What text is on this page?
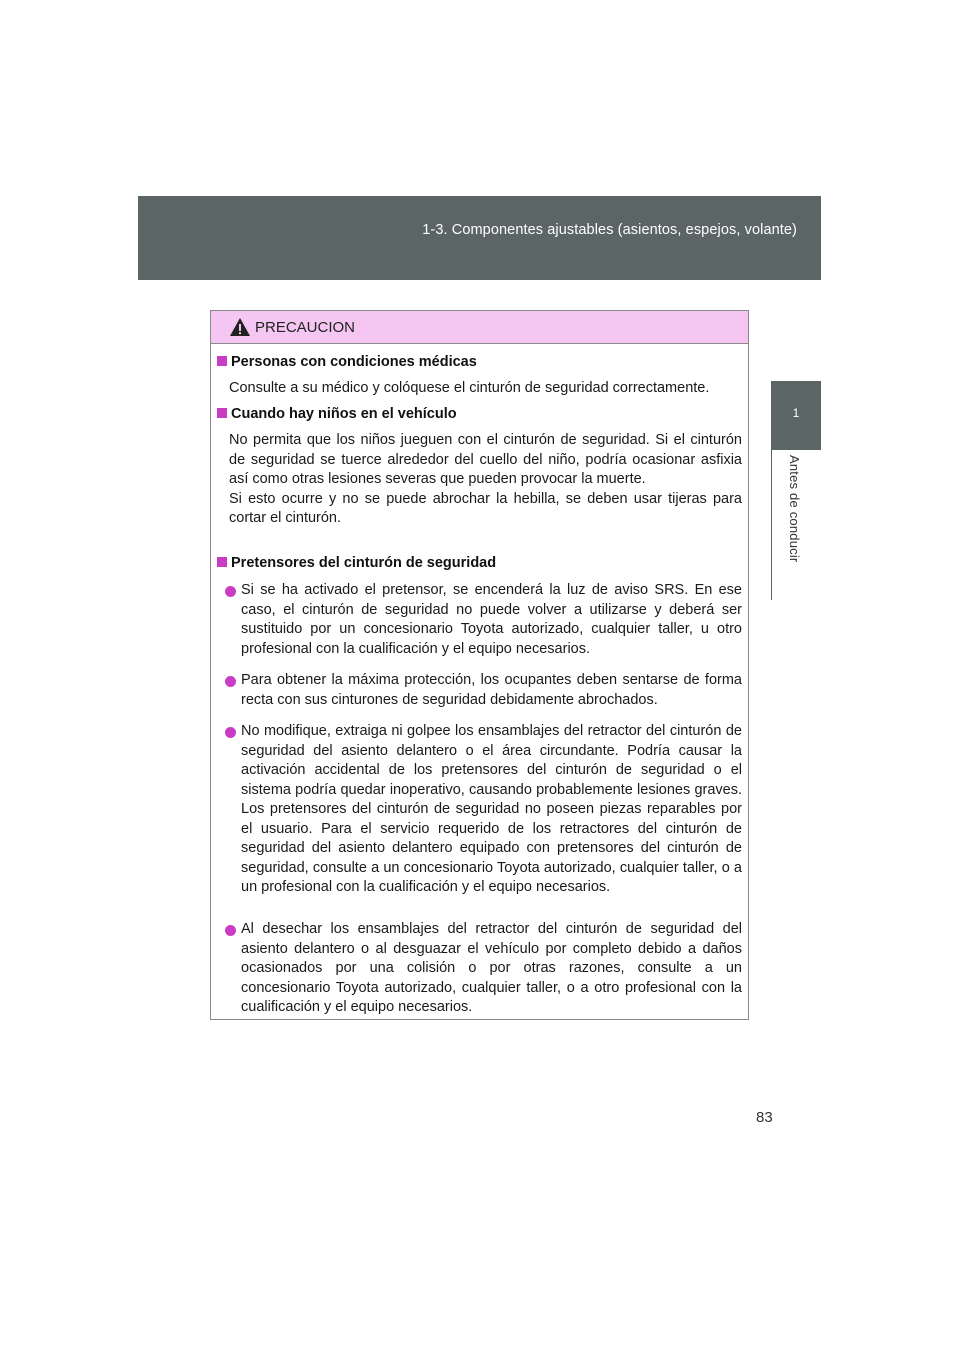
1-3. Componentes ajustables (asientos, espejos, volante)
1
Antes de conducir
PRECAUCION
Personas con condiciones médicas
Consulte a su médico y colóquese el cinturón de seguridad correctamente.
Cuando hay niños en el vehículo
No permita que los niños jueguen con el cinturón de seguridad. Si el cinturón de seguridad se tuerce alrededor del cuello del niño, podría ocasionar asfixia así como otras lesiones severas que pueden provocar la muerte.
Si esto ocurre y no se puede abrochar la hebilla, se deben usar tijeras para cortar el cinturón.
Pretensores del cinturón de seguridad
Si se ha activado el pretensor, se encenderá la luz de aviso SRS. En ese caso, el cinturón de seguridad no puede volver a utilizarse y deberá ser sustituido por un concesionario Toyota autorizado, cualquier taller, u otro profesional con la cualificación y el equipo necesarios.
Para obtener la máxima protección, los ocupantes deben sentarse de forma recta con sus cinturones de seguridad debidamente abrochados.
No modifique, extraiga ni golpee los ensamblajes del retractor del cinturón de seguridad del asiento delantero o el área circundante. Podría causar la activación accidental de los pretensores del cinturón de seguridad o el sistema podría quedar inoperativo, causando probablemente lesiones graves. Los pretensores del cinturón de seguridad no poseen piezas reparables por el usuario. Para el servicio requerido de los retractores del cinturón de seguridad del asiento delantero equipado con pretensores del cinturón de seguridad, consulte a un concesionario Toyota autorizado, cualquier taller, o a un profesional con la cualificación y el equipo necesarios.
Al desechar los ensamblajes del retractor del cinturón de seguridad del asiento delantero o al desguazar el vehículo por completo debido a daños ocasionados por una colisión o por otras razones, consulte a un concesionario Toyota autorizado, cualquier taller, o a otro profesional con la cualificación y el equipo necesarios.
83
